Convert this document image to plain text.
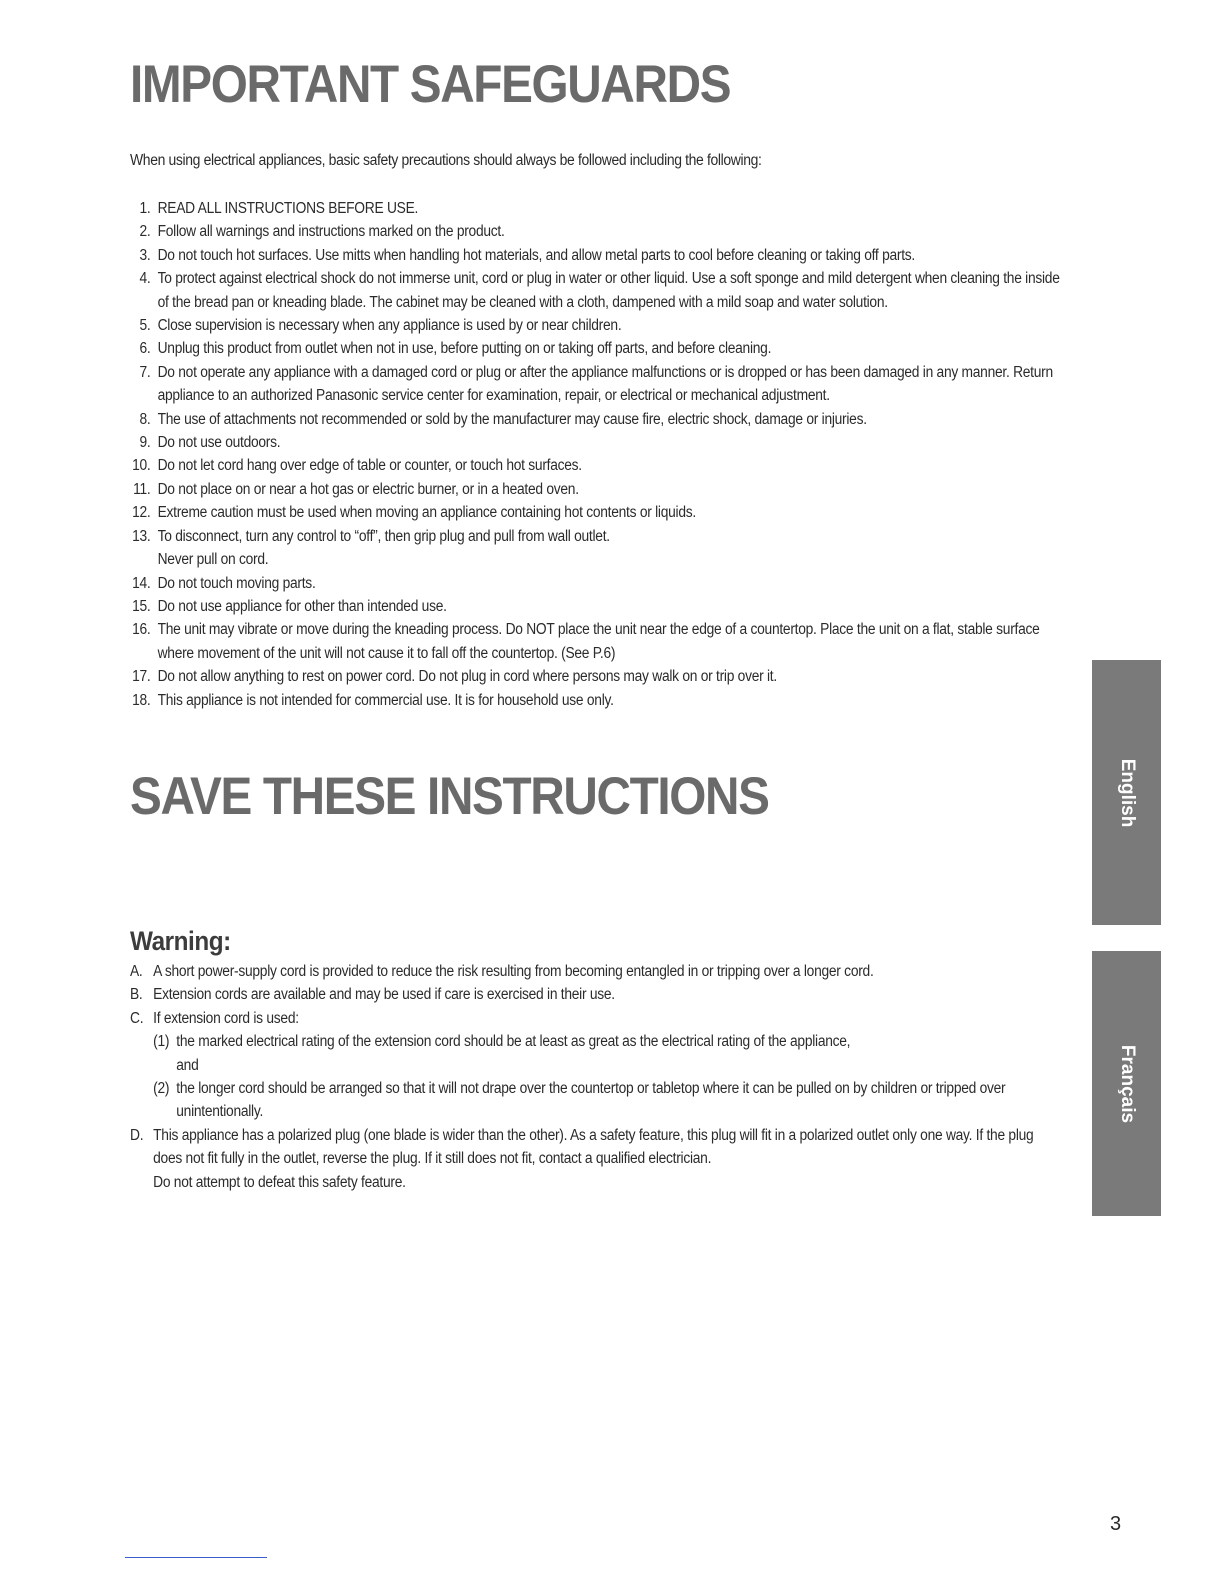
IMPORTANT SAFEGUARDS

When using electrical appliances, basic safety precautions should always be followed including the following:

1. READ ALL INSTRUCTIONS BEFORE USE.
2. Follow all warnings and instructions marked on the product.
3. Do not touch hot surfaces. Use mitts when handling hot materials, and allow metal parts to cool before cleaning or taking off parts.
4. To protect against electrical shock do not immerse unit, cord or plug in water or other liquid. Use a soft sponge and mild detergent when cleaning the inside of the bread pan or kneading blade. The cabinet may be cleaned with a cloth, dampened with a mild soap and water solution.
5. Close supervision is necessary when any appliance is used by or near children.
6. Unplug this product from outlet when not in use, before putting on or taking off parts, and before cleaning.
7. Do not operate any appliance with a damaged cord or plug or after the appliance malfunctions or is dropped or has been damaged in any manner. Return appliance to an authorized Panasonic service center for examination, repair, or electrical or mechanical adjustment.
8. The use of attachments not recommended or sold by the manufacturer may cause fire, electric shock, damage or injuries.
9. Do not use outdoors.
10. Do not let cord hang over edge of table or counter, or touch hot surfaces.
11. Do not place on or near a hot gas or electric burner, or in a heated oven.
12. Extreme caution must be used when moving an appliance containing hot contents or liquids.
13. To disconnect, turn any control to “off”, then grip plug and pull from wall outlet.
Never pull on cord.
14. Do not touch moving parts.
15. Do not use appliance for other than intended use.
16. The unit may vibrate or move during the kneading process. Do NOT place the unit near the edge of a countertop. Place the unit on a flat, stable surface where movement of the unit will not cause it to fall off the countertop. (See P.6)
17. Do not allow anything to rest on power cord. Do not plug in cord where persons may walk on or trip over it.
18. This appliance is not intended for commercial use. It is for household use only.
SAVE THESE INSTRUCTIONS
Warning:
A. A short power-supply cord is provided to reduce the risk resulting from becoming entangled in or tripping over a longer cord.
B. Extension cords are available and may be used if care is exercised in their use.
C. If extension cord is used:
(1) the marked electrical rating of the extension cord should be at least as great as the electrical rating of the appliance,
and
(2) the longer cord should be arranged so that it will not drape over the countertop or tabletop where it can be pulled on by children or tripped over unintentionally.
D. This appliance has a polarized plug (one blade is wider than the other). As a safety feature, this plug will fit in a polarized outlet only one way. If the plug does not fit fully in the outlet, reverse the plug. If it still does not fit, contact a qualified electrician.
Do not attempt to defeat this safety feature.
English
Français
3
